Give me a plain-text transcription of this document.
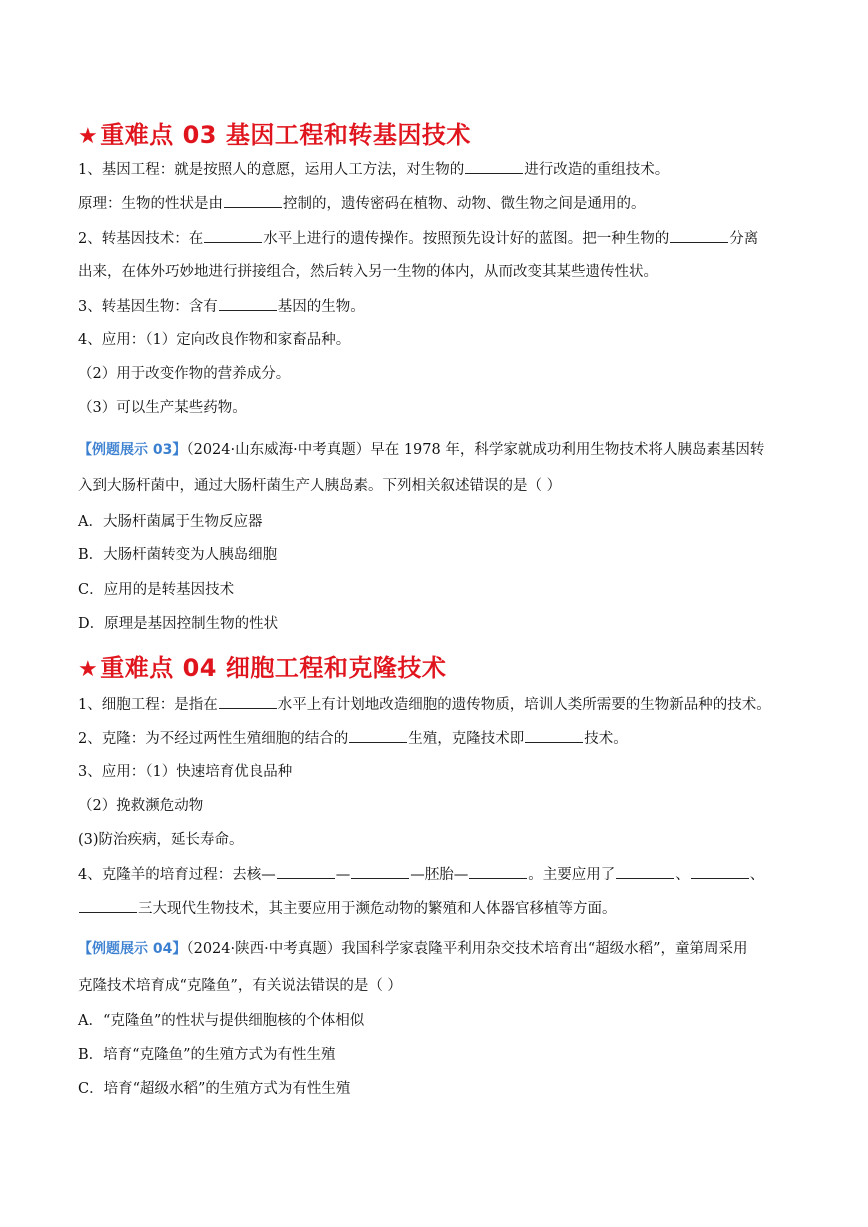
★重难点 03 基因工程和转基因技术
1、基因工程：就是按照人的意愿，运用人工方法，对生物的	进行改造的重组技术。
原理：生物的性状是由	控制的，遗传密码在植物、动物、微生物之间是通用的。
2、转基因技术：在	水平上进行的遗传操作。按照预先设计好的蓝图。把一种生物的	分离
出来，在体外巧妙地进行拼接组合，然后转入另一生物的体内，从而改变其某些遗传性状。
3、转基因生物：含有	基因的生物。
4、应用：（1）定向改良作物和家畜品种。
（2）用于改变作物的营养成分。
（3）可以生产某些药物。
【例题展示 03】（2024·山东威海·中考真题）早在 1978 年，科学家就成功利用生物技术将人胰岛素基因转
入到大肠杆菌中，通过大肠杆菌生产人胰岛素。下列相关叙述错误的是（ ）
A．大肠杆菌属于生物反应器
B．大肠杆菌转变为人胰岛细胞
C．应用的是转基因技术
D．原理是基因控制生物的性状
★重难点 04 细胞工程和克隆技术
1、细胞工程：是指在	水平上有计划地改造细胞的遗传物质，培训人类所需要的生物新品种的技术。
2、克隆：为不经过两性生殖细胞的结合的	生殖，克隆技术即	技术。
3、应用：（1）快速培育优良品种
（2）挽救濒危动物
(3)防治疾病，延长寿命。
4、克隆羊的培育过程：去核—	—	—胚胎—	。主要应用了	、	、
三大现代生物技术，其主要应用于濒危动物的繁殖和人体器官移植等方面。
【例题展示 04】（2024·陕西·中考真题）我国科学家袁隆平利用杂交技术培育出“超级水稻”，童第周采用
克隆技术培育成“克隆鱼”，有关说法错误的是（ ）
A．“克隆鱼”的性状与提供细胞核的个体相似
B．培育“克隆鱼”的生殖方式为有性生殖
C．培育“超级水稻”的生殖方式为有性生殖
